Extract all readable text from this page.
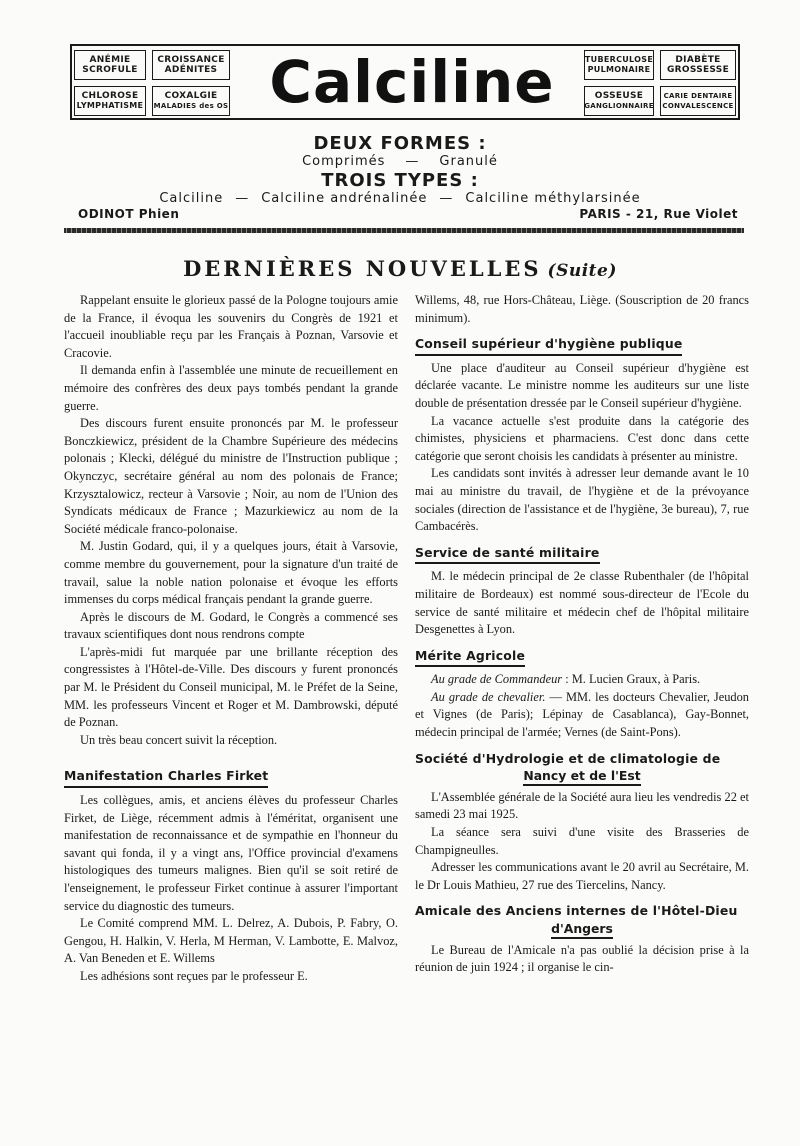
ANÉMIE
SCROFULE
CROISSANCE
ADÉNITES
CHLOROSE
LYMPHATISME
COXALGIE
MALADIES des OS Calciline	TUBERCULOSE
PULMONAIRE
DIABÈTE
GROSSESSE
OSSEUSE
GANGLIONNAIRE
CARIE DENTAIRE
CONVALESCENCE
DEUX FORMES :
Comprimés — Granulé
TROIS TYPES :
Calciline — Calciline andrénalinée — Calciline méthylarsinée
ODINOT Phien	PARIS - 21, Rue Violet
DERNIÈRES NOUVELLES (Suite)

Rappelant ensuite le glorieux passé de la Pologne toujours amie de la France, il évoqua les souvenirs du Congrès de 1921 et l'accueil inoubliable reçu par les Français à Poznan, Varsovie et Cracovie.

Il demanda enfin à l'assemblée une minute de recueillement en mémoire des confrères des deux pays tombés pendant la grande guerre.

Des discours furent ensuite prononcés par M. le professeur Bonczkiewicz, président de la Chambre Supérieure des médecins polonais ; Klecki, délégué du ministre de l'Instruction publique ; Okynczyc, secrétaire général au nom des polonais de France; Krzysztalowicz, recteur à Varsovie ; Noir, au nom de l'Union des Syndicats médicaux de France ; Mazurkiewicz au nom de la Société médicale franco-polonaise.

M. Justin Godard, qui, il y a quelques jours, était à Varsovie, comme membre du gouvernement, pour la signature d'un traité de travail, salue la noble nation polonaise et évoque les efforts immenses du corps médical français pendant la grande guerre.

Après le discours de M. Godard, le Congrès a commencé ses travaux scientifiques dont nous rendrons compte

L'après-midi fut marquée par une brillante réception des congressistes à l'Hôtel-de-Ville. Des discours y furent prononcés par M. le Président du Conseil municipal, M. le Préfet de la Seine, MM. les professeurs Vincent et Roger et M. Dambrowski, député de Poznan.

Un très beau concert suivit la réception.

Manifestation Charles Firket

Les collègues, amis, et anciens élèves du professeur Charles Firket, de Liège, récemment admis à l'éméritat, organisent une manifestation de reconnaissance et de sympathie en l'honneur du savant qui fonda, il y a vingt ans, l'Office provincial d'examens histologiques des tumeurs malignes. Bien qu'il se soit retiré de l'enseignement, le professeur Firket continue à assurer l'important service du diagnostic des tumeurs.

Le Comité comprend MM. L. Delrez, A. Dubois, P. Fabry, O. Gengou, H. Halkin, V. Herla, M Herman, V. Lambotte, E. Malvoz, A. Van Beneden et E. Willems

Les adhésions sont reçues par le professeur E.

Willems, 48, rue Hors-Château, Liège. (Souscription de 20 francs minimum).

Conseil supérieur d'hygiène publique

Une place d'auditeur au Conseil supérieur d'hygiène est déclarée vacante. Le ministre nomme les auditeurs sur une liste double de présentation dressée par le Conseil supérieur d'hygiène.

La vacance actuelle s'est produite dans la catégorie des chimistes, physiciens et pharmaciens. C'est donc dans cette catégorie que seront choisis les candidats à présenter au ministre.

Les candidats sont invités à adresser leur demande avant le 10 mai au ministre du travail, de l'hygiène et de la prévoyance sociales (direction de l'assistance et de l'hygiène, 3e bureau), 7, rue Cambacérès.

Service de santé militaire

M. le médecin principal de 2e classe Rubenthaler (de l'hôpital militaire de Bordeaux) est nommé sous-directeur de l'Ecole du service de santé militaire et médecin chef de l'hôpital militaire Desgenettes à Lyon.

Mérite Agricole

Au grade de Commandeur : M. Lucien Graux, à Paris.

Au grade de chevalier. — MM. les docteurs Chevalier, Jeudon et Vignes (de Paris); Lépinay de Casablanca), Gay-Bonnet, médecin principal de l'armée; Vernes (de Saint-Pons).

Société d'Hydrologie et de climatologie de
Nancy et de l'Est

L'Assemblée générale de la Société aura lieu les vendredis 22 et samedi 23 mai 1925.

La séance sera suivi d'une visite des Brasseries de Champigneulles.

Adresser les communications avant le 20 avril au Secrétaire, M. le Dr Louis Mathieu, 27 rue des Tiercelins, Nancy.

Amicale des Anciens internes de l'Hôtel-Dieu
d'Angers

Le Bureau de l'Amicale n'a pas oublié la décision prise à la réunion de juin 1924 ; il organise le cin-
